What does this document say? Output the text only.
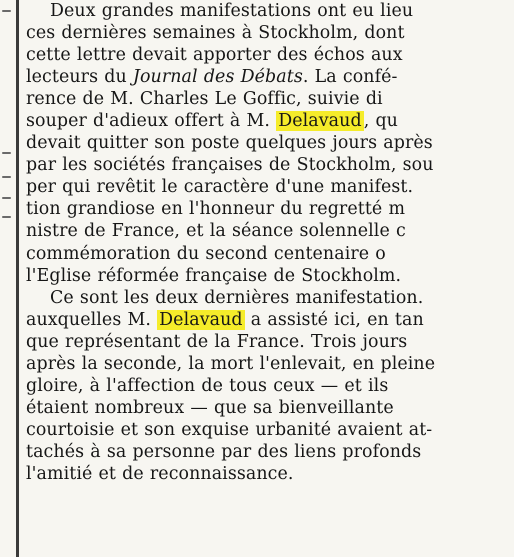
Deux grandes manifestations ont eu lieu
ces dernières semaines à Stockholm, dont
cette lettre devait apporter des échos aux
lecteurs du Journal des Débats. La confé-
rence de M. Charles Le Goffic, suivie di
souper d'adieux offert à M. Delavaud , qu
devait quitter son poste quelques jours après
par les sociétés françaises de Stockholm, sou
per qui revêtit le caractère d'une manifest.
tion grandiose en l'honneur du regretté m
nistre de France, et la séance solennelle c
commémoration du second centenaire o
l'Eglise réformée française de Stockholm.
Ce sont les deux dernières manifestation.
auxquelles M. Delavaud a assisté ici, en tan
que représentant de la France. Trois jours
après la seconde, la mort l'enlevait, en pleine
gloire, à l'affection de tous ceux — et ils
étaient nombreux — que sa bienveillante
courtoisie et son exquise urbanité avaient at-
tachés à sa personne par des liens profonds
l'amitié et de reconnaissance.
